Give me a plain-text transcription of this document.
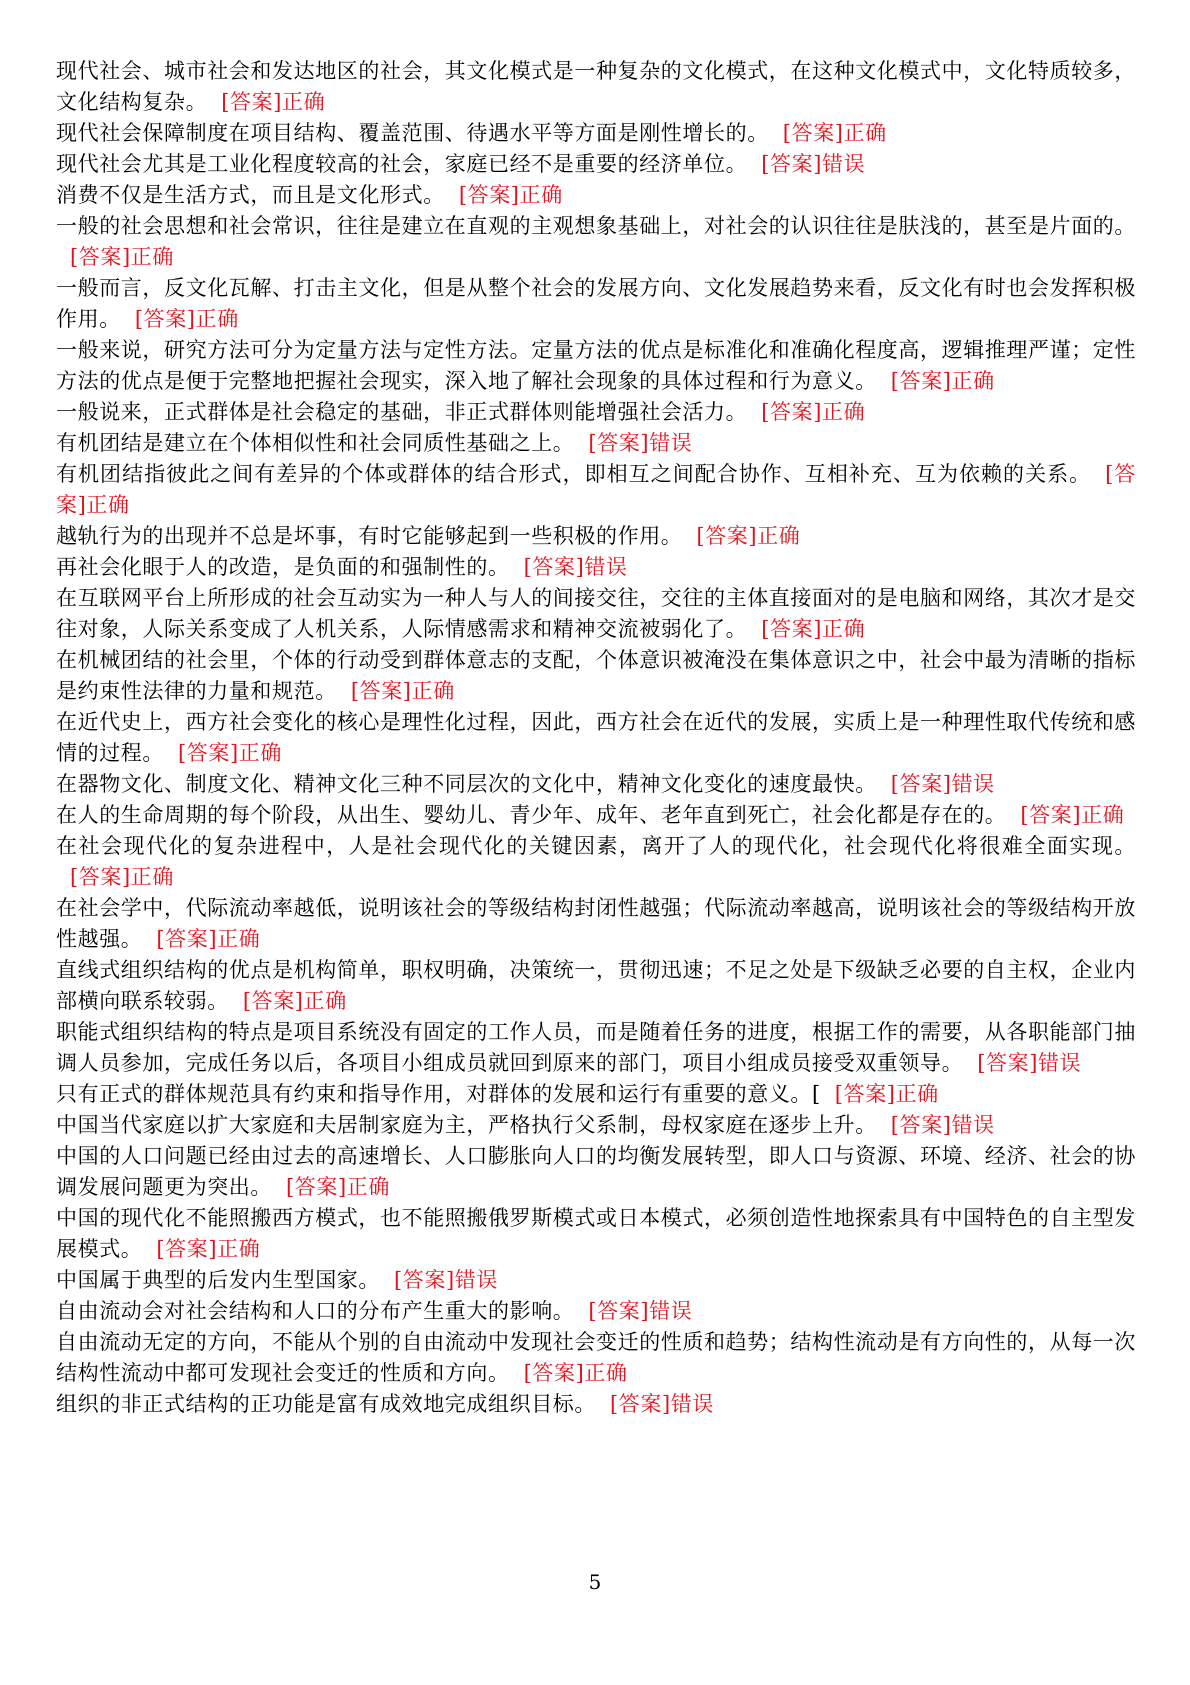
现代社会、城市社会和发达地区的社会，其文化模式是一种复杂的文化模式，在这种文化模式中，文化特质较多，文化结构复杂。 [答案]正确

现代社会保障制度在项目结构、覆盖范围、待遇水平等方面是刚性增长的。 [答案]正确

现代社会尤其是工业化程度较高的社会，家庭已经不是重要的经济单位。 [答案]错误

消费不仅是生活方式，而且是文化形式。 [答案]正确

一般的社会思想和社会常识，往往是建立在直观的主观想象基础上，对社会的认识往往是肤浅的，甚至是片面的。[答案]正确

一般而言，反文化瓦解、打击主文化，但是从整个社会的发展方向、文化发展趋势来看，反文化有时也会发挥积极作用。 [答案]正确

一般来说，研究方法可分为定量方法与定性方法。定量方法的优点是标准化和准确化程度高，逻辑推理严谨；定性方法的优点是便于完整地把握社会现实，深入地了解社会现象的具体过程和行为意义。 [答案]正确

一般说来，正式群体是社会稳定的基础，非正式群体则能增强社会活力。 [答案]正确

有机团结是建立在个体相似性和社会同质性基础之上。 [答案]错误

有机团结指彼此之间有差异的个体或群体的结合形式，即相互之间配合协作、互相补充、互为依赖的关系。 [答案]正确

越轨行为的出现并不总是坏事，有时它能够起到一些积极的作用。 [答案]正确

再社会化眼于人的改造，是负面的和强制性的。 [答案]错误

在互联网平台上所形成的社会互动实为一种人与人的间接交往，交往的主体直接面对的是电脑和网络，其次才是交往对象，人际关系变成了人机关系，人际情感需求和精神交流被弱化了。 [答案]正确

在机械团结的社会里，个体的行动受到群体意志的支配，个体意识被淹没在集体意识之中，社会中最为清晰的指标是约束性法律的力量和规范。 [答案]正确

在近代史上，西方社会变化的核心是理性化过程，因此，西方社会在近代的发展，实质上是一种理性取代传统和感情的过程。 [答案]正确

在器物文化、制度文化、精神文化三种不同层次的文化中，精神文化变化的速度最快。 [答案]错误

在人的生命周期的每个阶段，从出生、婴幼儿、青少年、成年、老年直到死亡，社会化都是存在的。 [答案]正确

在社会现代化的复杂进程中，人是社会现代化的关键因素，离开了人的现代化，社会现代化将很难全面实现。[答案]正确

在社会学中，代际流动率越低，说明该社会的等级结构封闭性越强；代际流动率越高，说明该社会的等级结构开放性越强。 [答案]正确

直线式组织结构的优点是机构简单，职权明确，决策统一，贯彻迅速；不足之处是下级缺乏必要的自主权，企业内部横向联系较弱。 [答案]正确

职能式组织结构的特点是项目系统没有固定的工作人员，而是随着任务的进度，根据工作的需要，从各职能部门抽调人员参加，完成任务以后，各项目小组成员就回到原来的部门，项目小组成员接受双重领导。 [答案]错误

只有正式的群体规范具有约束和指导作用，对群体的发展和运行有重要的意义。[ [答案]正确

中国当代家庭以扩大家庭和夫居制家庭为主，严格执行父系制，母权家庭在逐步上升。 [答案]错误

中国的人口问题已经由过去的高速增长、人口膨胀向人口的均衡发展转型，即人口与资源、环境、经济、社会的协调发展问题更为突出。 [答案]正确

中国的现代化不能照搬西方模式，也不能照搬俄罗斯模式或日本模式，必须创造性地探索具有中国特色的自主型发展模式。 [答案]正确

中国属于典型的后发内生型国家。 [答案]错误

自由流动会对社会结构和人口的分布产生重大的影响。 [答案]错误

自由流动无定的方向，不能从个别的自由流动中发现社会变迁的性质和趋势；结构性流动是有方向性的，从每一次结构性流动中都可发现社会变迁的性质和方向。 [答案]正确

组织的非正式结构的正功能是富有成效地完成组织目标。 [答案]错误

5
